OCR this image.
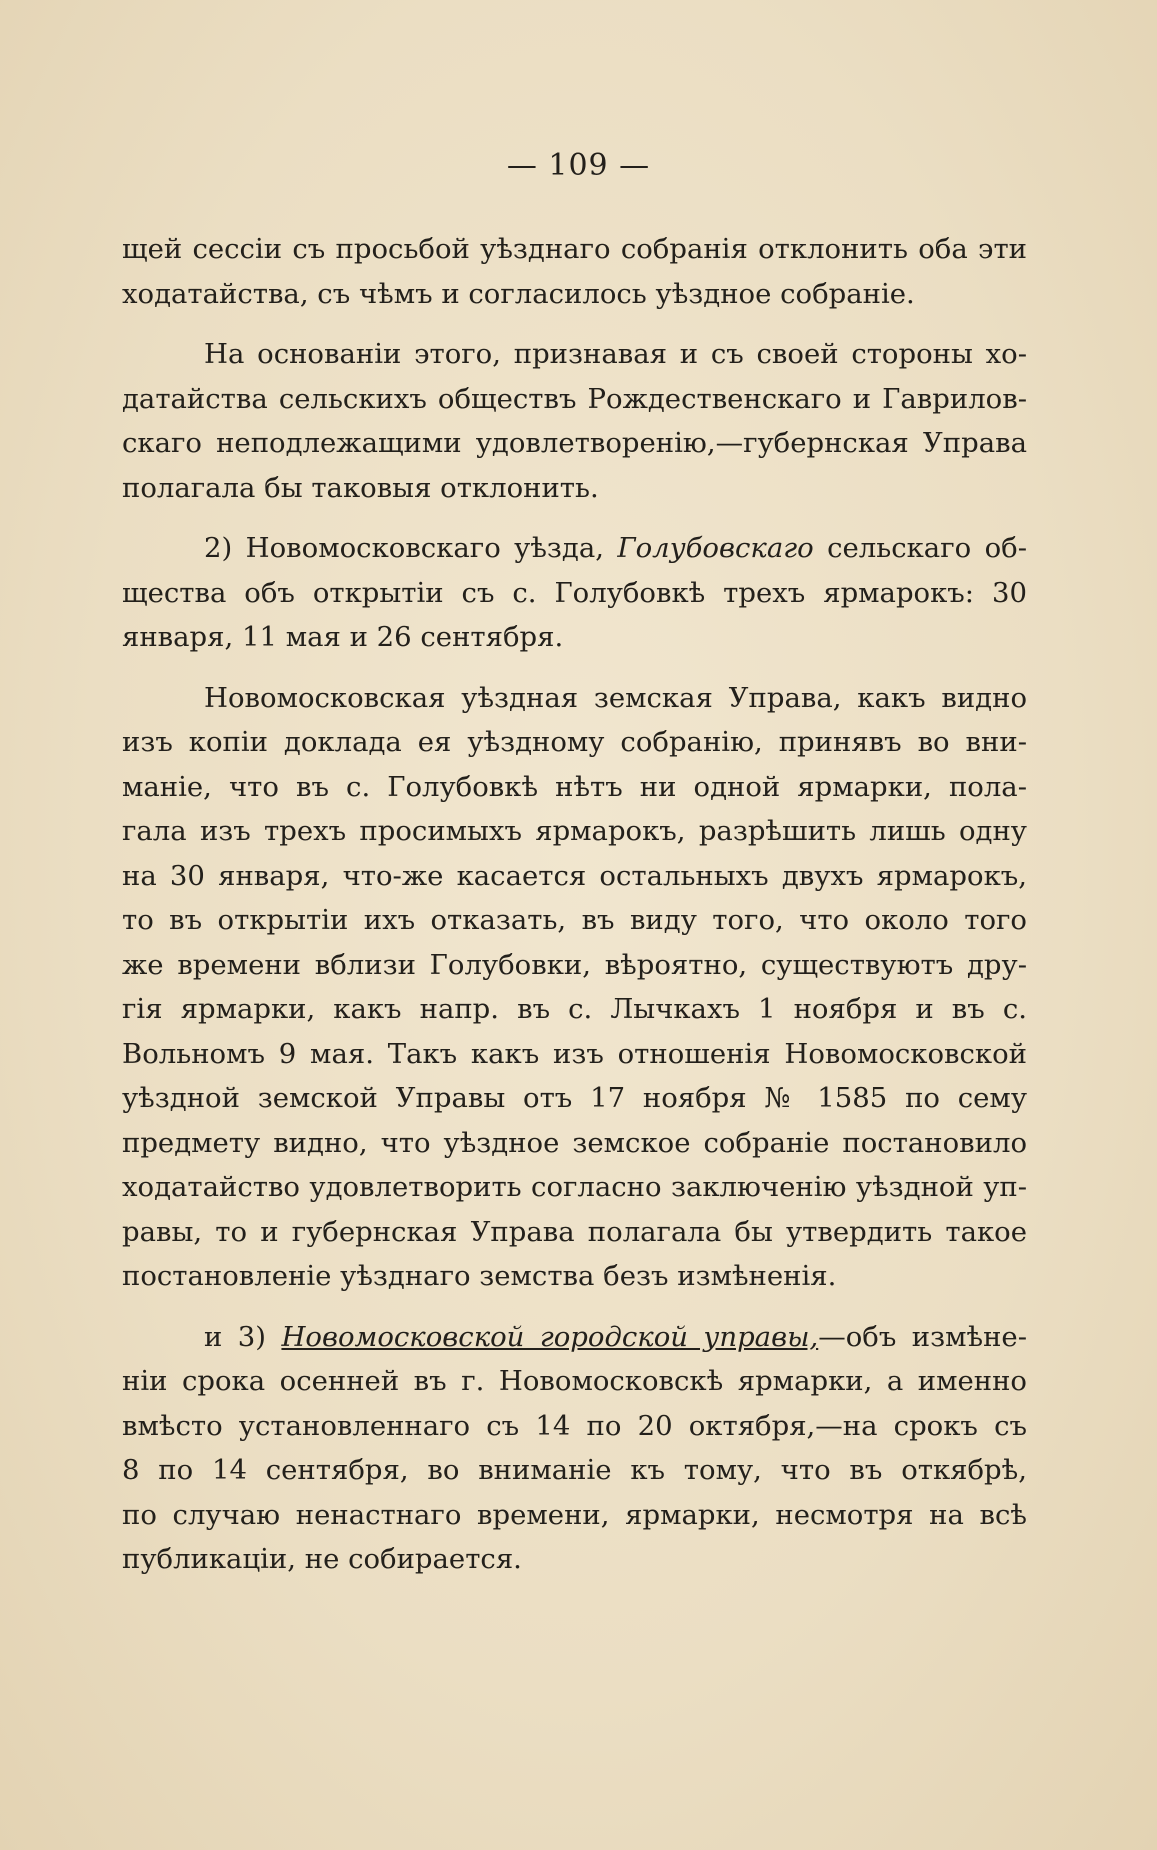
— 109 —
щей сессіи съ просьбой уѣзднаго собранія отклонить оба эти
ходатайства, съ чѣмъ и согласилось уѣздное собраніе.
На основаніи этого, признавая и съ своей стороны хо-
датайства сельскихъ обществъ Рождественскаго и Гаврилов-
скаго неподлежащими удовлетворенію,—губернская Управа
полагала бы таковыя отклонить.
2) Новомосковскаго уѣзда, Голубовскаго сельскаго об-
щества объ открытіи съ с. Голубовкѣ трехъ ярмарокъ: 30
января, 11 мая и 26 сентября.
Новомосковская уѣздная земская Управа, какъ видно
изъ копіи доклада ея уѣздному собранію, принявъ во вни-
маніе, что въ с. Голубовкѣ нѣтъ ни одной ярмарки, пола-
гала изъ трехъ просимыхъ ярмарокъ, разрѣшить лишь одну
на 30 января, что-же касается остальныхъ двухъ ярмарокъ,
то въ открытіи ихъ отказать, въ виду того, что около того
же времени вблизи Голубовки, вѣроятно, существуютъ дру-
гія ярмарки, какъ напр. въ с. Лычкахъ 1 ноября и въ с.
Вольномъ 9 мая. Такъ какъ изъ отношенія Новомосковской
уѣздной земской Управы отъ 17 ноября № 1585 по сему
предмету видно, что уѣздное земское собраніе постановило
ходатайство удовлетворить согласно заключенію уѣздной уп-
равы, то и губернская Управа полагала бы утвердить такое
постановленіе уѣзднаго земства безъ измѣненія.
и 3) Новомосковской городской управы,—объ измѣне-
ніи срока осенней въ г. Новомосковскѣ ярмарки, а именно
вмѣсто установленнаго съ 14 по 20 октября,—на срокъ съ
8 по 14 сентября, во вниманіе къ тому, что въ откябрѣ,
по случаю ненастнаго времени, ярмарки, несмотря на всѣ
публикаціи, не собирается.
